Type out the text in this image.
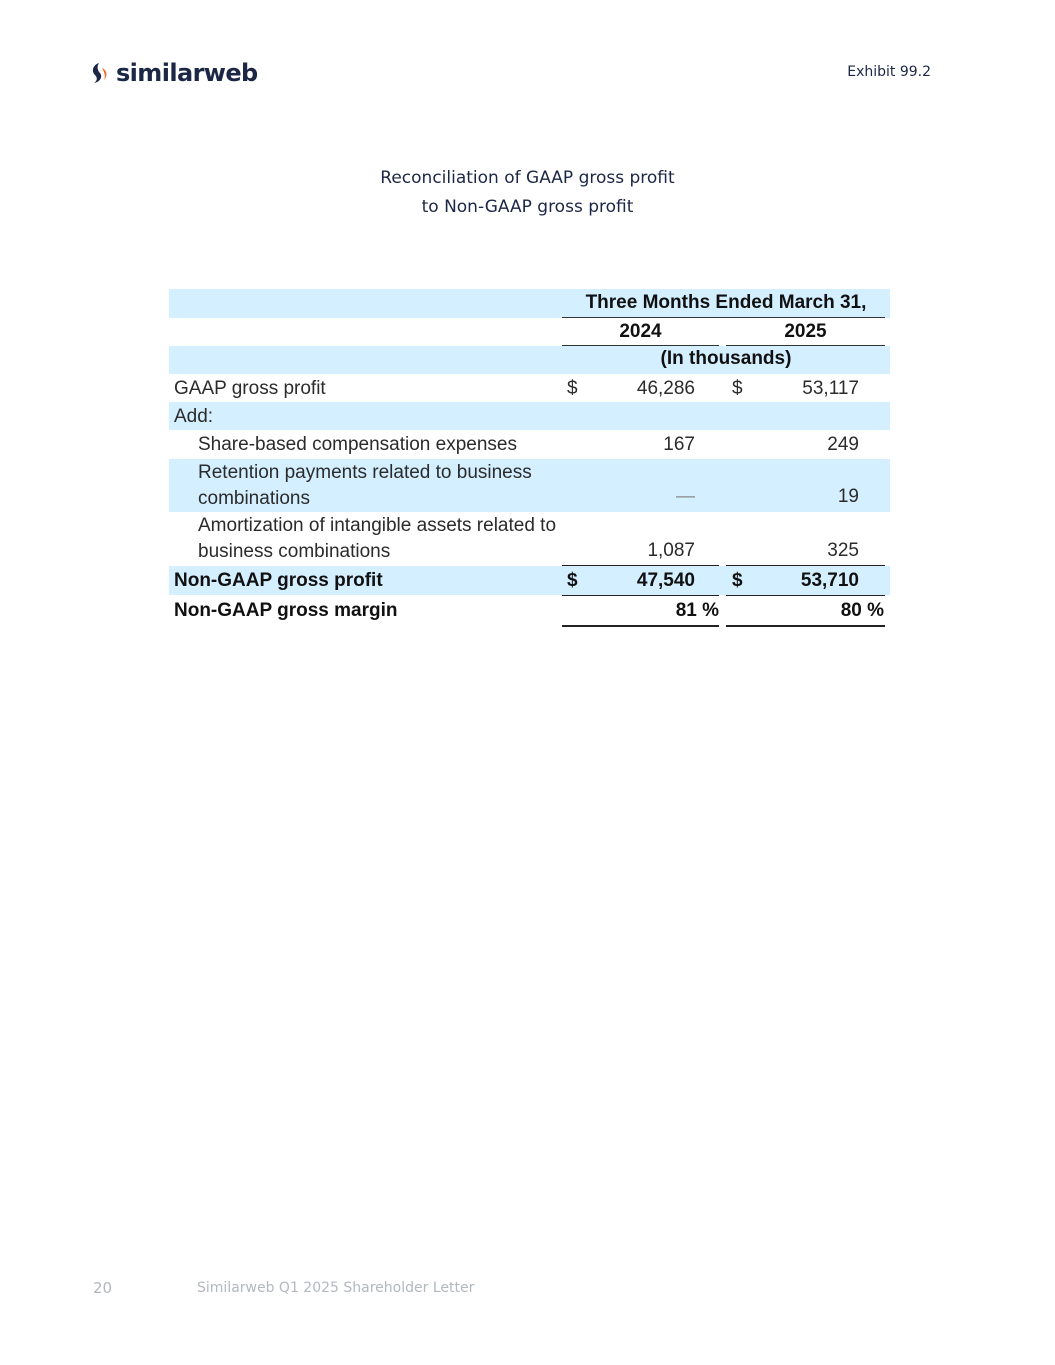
similarweb	Exhibit 99.2
Reconciliation of GAAP gross profit
to Non-GAAP gross profit
Three Months Ended March 31,
2024	2025
(In thousands)
GAAP gross profit	$	46,286 $	53,117
Add:
Share-based compensation expenses	167	249
Retention payments related to business combinations	—	19
Amortization of intangible assets related to business combinations	1,087	325
Non-GAAP gross profit	$	47,540 $	53,710
Non-GAAP gross margin	81 %	80 %
20	Similarweb Q1 2025 Shareholder Letter
